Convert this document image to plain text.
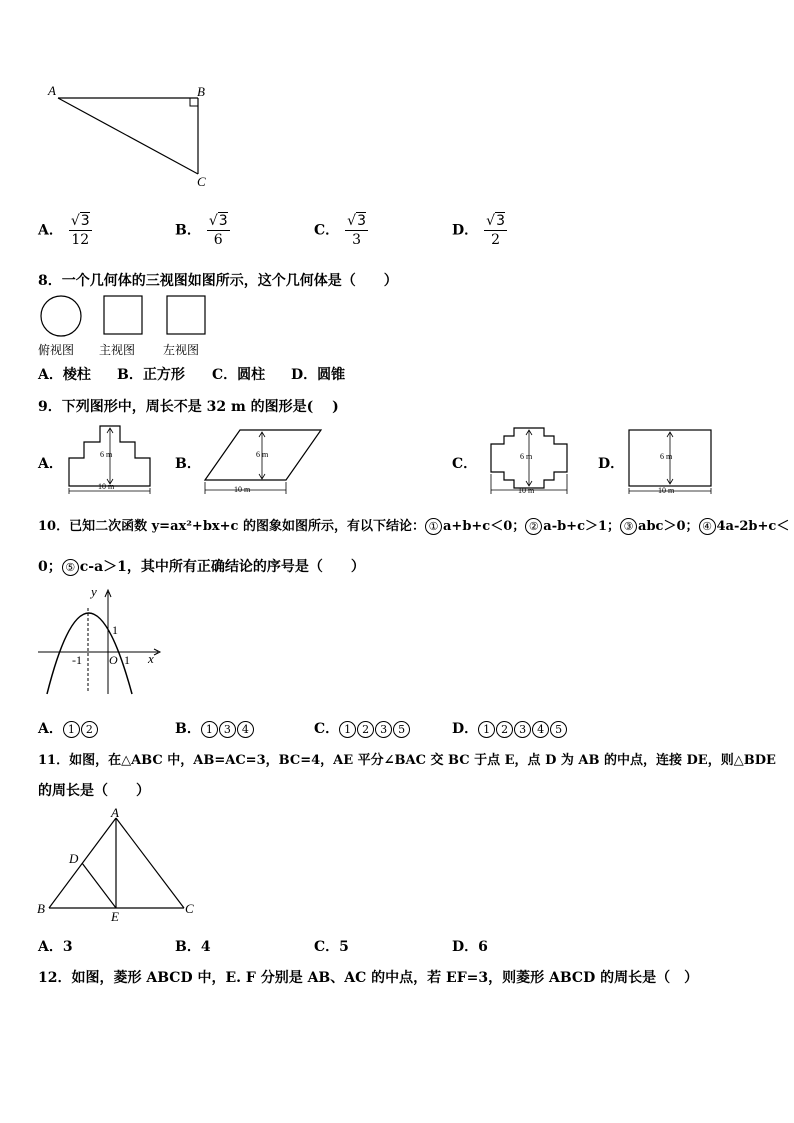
A	B
C
A． $\frac{√3}{12}$	B． $\frac{√3}{6}$	C． $\frac{√3}{3}$	D． $\frac{√3}{2}$
8．一个几何体的三视图如图所示，这个几何体是（　　）
俯视图 主视图 左视图
A．棱柱 B．正方形 C．圆柱 D．圆锥
9．下列图形中，周长不是 32 m 的图形是(　 )
A．
6 m
10 m
B．
6 m
10 m
C．	6 m
10 m
D．	6 m
10 m
10．已知二次函数 y=ax²+bx+c 的图象如图所示，有以下结论： ① a+b+c＜0； ② a-b+c＞1； ③ abc＞0； ④ 4a-2b+c＜
0； ⑤ c-a＞1，其中所有正确结论的序号是（　　）
y
x
1
-1 O 1
A． 1 2	B． 1 3 4	C． 1 2 3 5	D． 1 2 3 4 5
11．如图，在△ABC 中，AB=AC=3，BC=4，AE 平分∠BAC 交 BC 于点 E，点 D 为 AB 的中点，连接 DE，则△BDE
的周长是（　　）
A
B	C
D
E
A．3	B．4	C．5	D．6
12．如图，菱形 ABCD 中，E. F 分别是 AB、AC 的中点，若 EF=3，则菱形 ABCD 的周长是（　）
